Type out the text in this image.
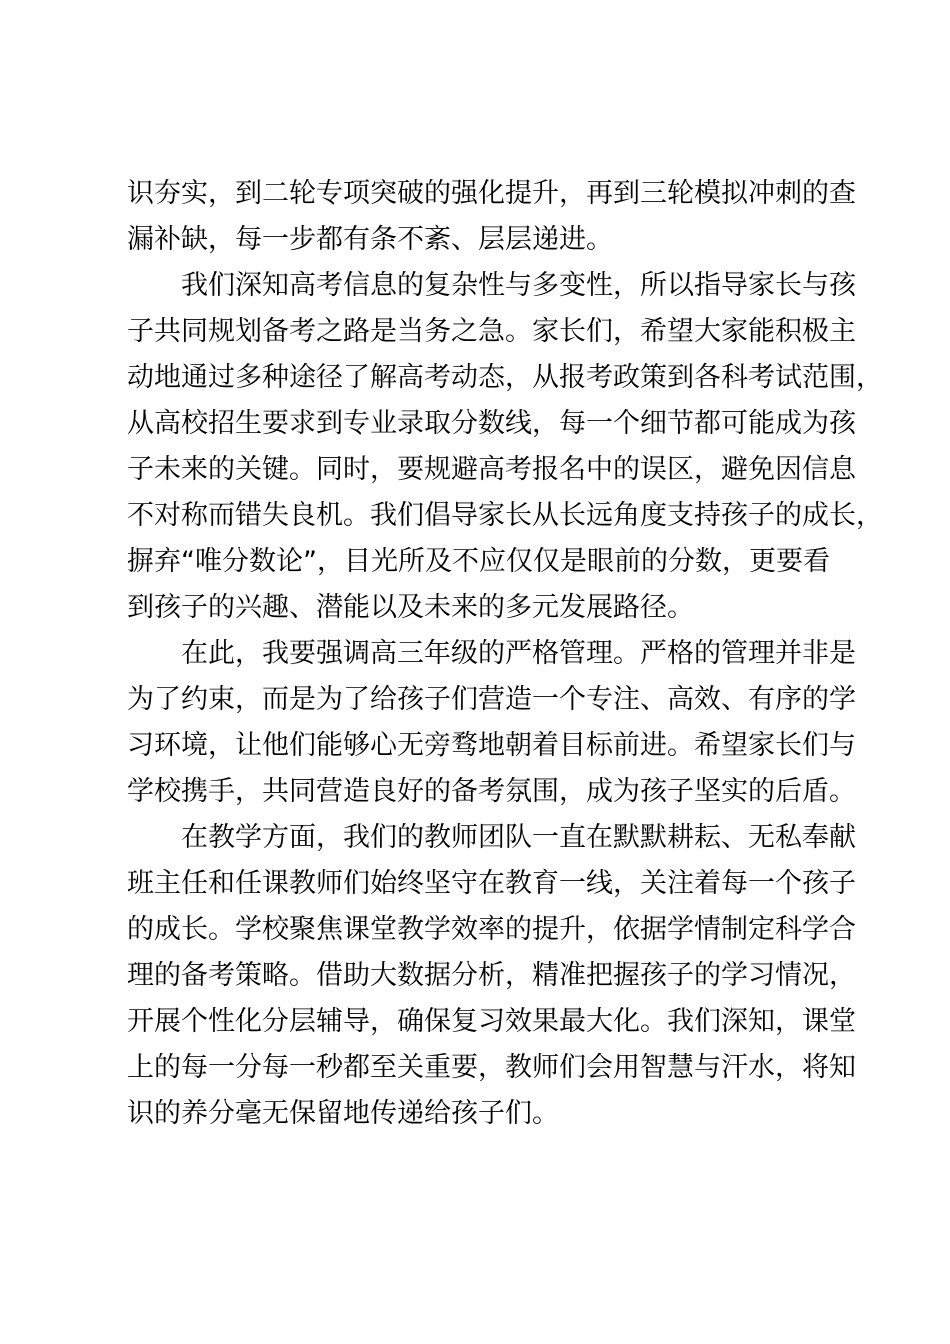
识夯实，到二轮专项突破的强化提升，再到三轮模拟冲刺的查
漏补缺，每一步都有条不紊、层层递进。
我们深知高考信息的复杂性与多变性，所以指导家长与孩
子共同规划备考之路是当务之急。家长们，希望大家能积极主
动地通过多种途径了解高考动态，从报考政策到各科考试范围，
从高校招生要求到专业录取分数线，每一个细节都可能成为孩
子未来的关键。同时，要规避高考报名中的误区，避免因信息
不对称而错失良机。我们倡导家长从长远角度支持孩子的成长，
摒弃“唯分数论”，目光所及不应仅仅是眼前的分数，更要看
到孩子的兴趣、潜能以及未来的多元发展路径。
在此，我要强调高三年级的严格管理。严格的管理并非是
为了约束，而是为了给孩子们营造一个专注、高效、有序的学
习环境，让他们能够心无旁骛地朝着目标前进。希望家长们与
学校携手，共同营造良好的备考氛围，成为孩子坚实的后盾。
在教学方面，我们的教师团队一直在默默耕耘、无私奉献
班主任和任课教师们始终坚守在教育一线，关注着每一个孩子
的成长。学校聚焦课堂教学效率的提升，依据学情制定科学合
理的备考策略。借助大数据分析，精准把握孩子的学习情况，
开展个性化分层辅导，确保复习效果最大化。我们深知，课堂
上的每一分每一秒都至关重要，教师们会用智慧与汗水，将知
识的养分毫无保留地传递给孩子们。
